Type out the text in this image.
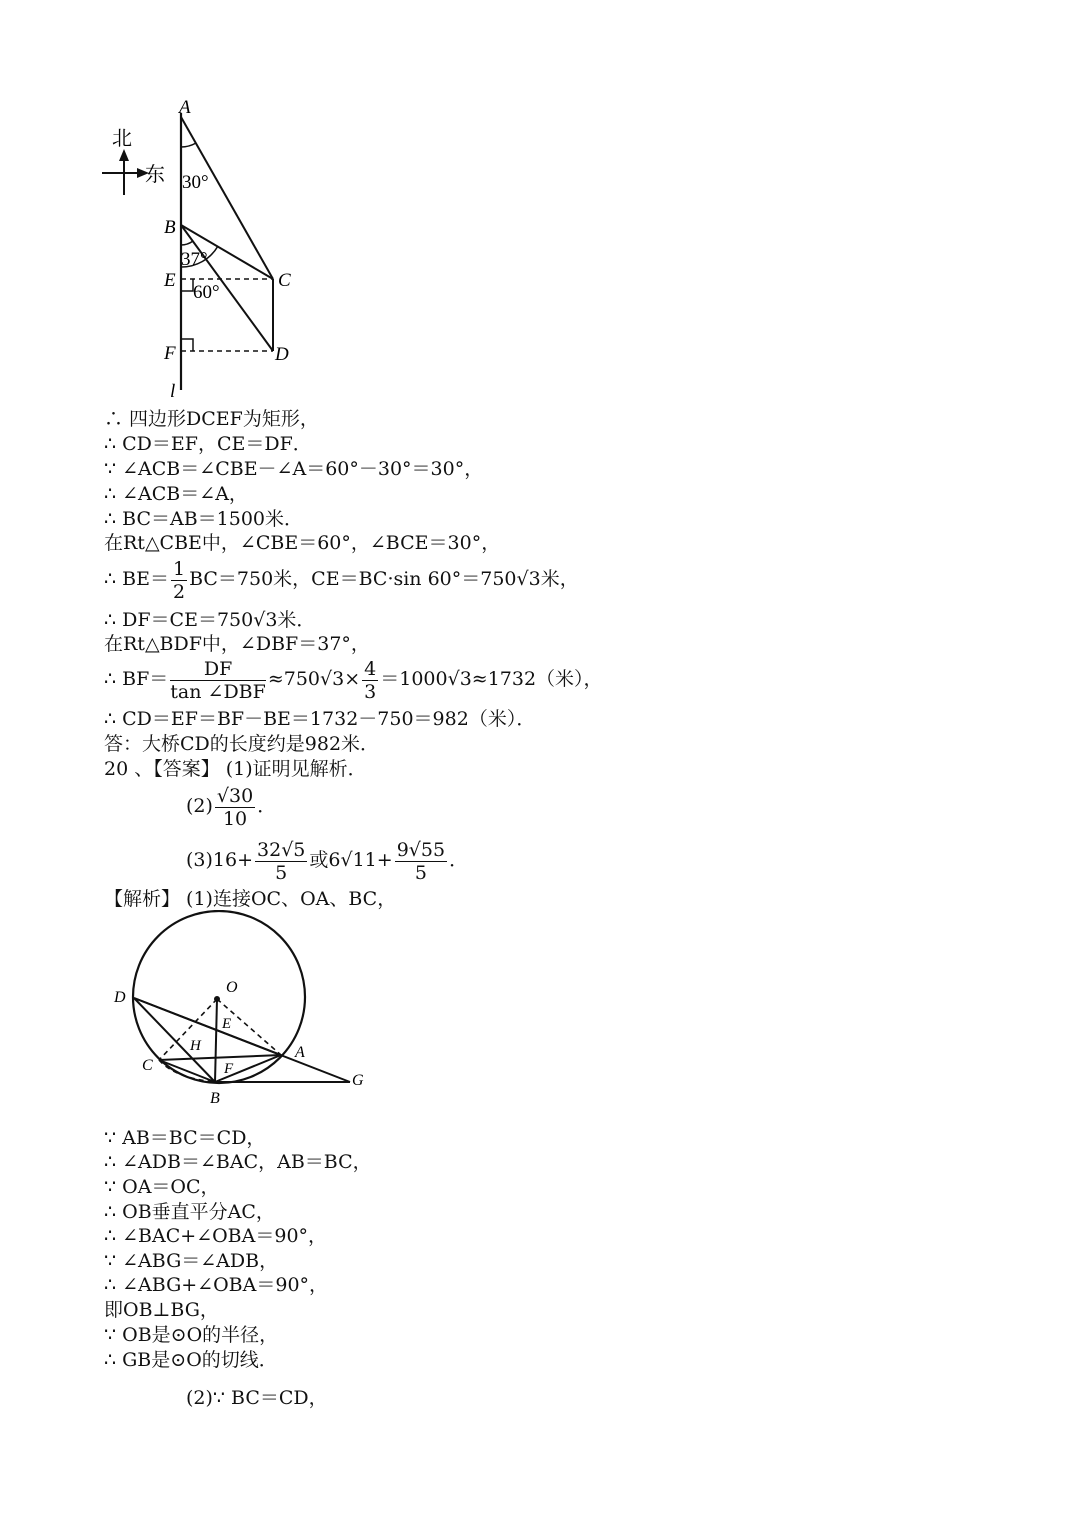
北
东
A
B
E
F
C
D
l
30°
37°
60°
∴ 四边形DCEF为矩形，
∴ CD＝EF，CE＝DF．
∵ ∠ACB＝∠CBE－∠A＝60°－30°＝30°，
∴ ∠ACB＝∠A，
∴ BC＝AB＝1500米．
在Rt△CBE中，∠CBE＝60°，∠BCE＝30°，
∴ $BE= \frac{1}{2} BC=750$米，CE＝BC·sin 60°＝750√3米，
∴ DF＝CE＝750√3米．
在Rt△BDF中，∠DBF＝37°，
∴ $BF= \frac{DF}{\text{tan ∠DBF}} \approx 750√3\times \frac{4}{3} =1000√3\approx 1732$（米），
∴ CD＝EF＝BF－BE＝1732－750＝982（米）．
答：大桥CD的长度约是982米．
20 、【答案】 (1)证明见解析．
$(2) \frac{√30}{10}$ ．
$(3)16+ \frac{32√5}{5}$ 或$6√11+ \frac{9√55}{5}$ ．
【解析】 (1)连接OC、OA、BC，
O
D
E
H
C
A
F
G
B
∵ AB＝BC＝CD，
∴ ∠ADB＝∠BAC，AB＝BC，
∵ OA＝OC，
∴ OB垂直平分AC，
∴ ∠BAC+∠OBA＝90°，
∵ ∠ABG＝∠ADB，
∴ ∠ABG+∠OBA＝90°，
即OB⊥BG，
∵ OB是⊙O的半径，
∴ GB是⊙O的切线．
(2)∵ BC＝CD，
